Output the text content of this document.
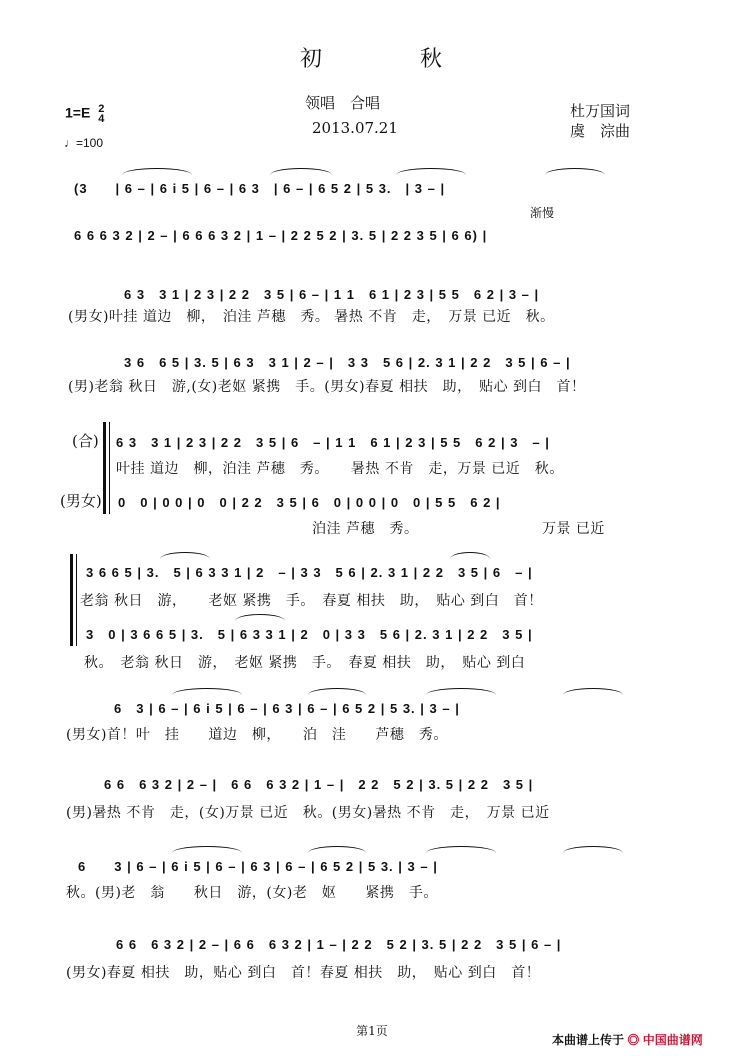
初　　　　秋
领唱　合唱
2013.07.21
杜万国词
虞　淙曲
1=E 2
4
♩=100
(3　　| 6 – | 6 i 5 | 6 – | 6 3　| 6 – | 6 5 2 | 5 3.　| 3 – |
渐慢
6 6 6 3 2 | 2 – | 6 6 6 3 2 | 1 – | 2 2 5 2 | 3. 5 | 2 2 3 5 | 6 6) |
6 3　3 1 | 2 3 | 2 2　3 5 | 6 – | 1 1　6 1 | 2 3 | 5 5　6 2 | 3 – |
(男女)叶挂 道边　柳，　泊洼 芦穗　秀。 暑热 不肯　走，　万景 已近　秋。
3 6　6 5 | 3. 5 | 6 3　3 1 | 2 – |　3 3　5 6 | 2. 3 1 | 2 2　3 5 | 6 – |
(男)老翁 秋日　游,(女)老妪 紧携　手。(男女)春夏 相扶　助，　贴心 到白　首！
(合) 6 3　3 1 | 2 3 | 2 2　3 5 | 6　– | 1 1　6 1 | 2 3 | 5 5　6 2 | 3　– |
叶挂 道边　柳，泊洼 芦穗　秀。　　暑热 不肯　走，万景 已近　秋。
(男女) 0　0 | 0 0 | 0　0 | 2 2　3 5 | 6　0 | 0 0 | 0　0 | 5 5　6 2 |
泊洼 芦穗　秀。　　　　　　　　　万景 已近
3 6 6 5 | 3.　5 | 6 3 3 1 | 2　– | 3 3　5 6 | 2. 3 1 | 2 2　3 5 | 6　– |
老翁 秋日　游，　　老妪 紧携　手。　春夏 相扶　助，　贴心 到白　首！
3　0 | 3 6 6 5 | 3.　5 | 6 3 3 1 | 2　0 | 3 3　5 6 | 2. 3 1 | 2 2　3 5 |
秋。　老翁 秋日　游，　老妪 紧携　手。　春夏 相扶　助，　贴心 到白
6　3 | 6 – | 6 i 5 | 6 – | 6 3 | 6 – | 6 5 2 | 5 3. | 3 – |
(男女)首！叶　挂　　道边　柳，　　泊　洼　　芦穗　秀。
6 6　6 3 2 | 2 – |　6 6　6 3 2 | 1 – |　2 2　5 2 | 3. 5 | 2 2　3 5 |
(男)暑热 不肯　走，(女)万景 已近　秋。(男女)暑热 不肯　走，　万景 已近
6　　3 | 6 – | 6 i 5 | 6 – | 6 3 | 6 – | 6 5 2 | 5 3. | 3 – |
秋。(男)老　翁　　秋日　游，(女)老　妪　　紧携　手。
6 6　6 3 2 | 2 – | 6 6　6 3 2 | 1 – | 2 2　5 2 | 3. 5 | 2 2　3 5 | 6 – |
(男女)春夏 相扶　助，贴心 到白　首！春夏 相扶　助，　贴心 到白　首！
第1页
本曲谱上传于 ◎ 中国曲谱网
